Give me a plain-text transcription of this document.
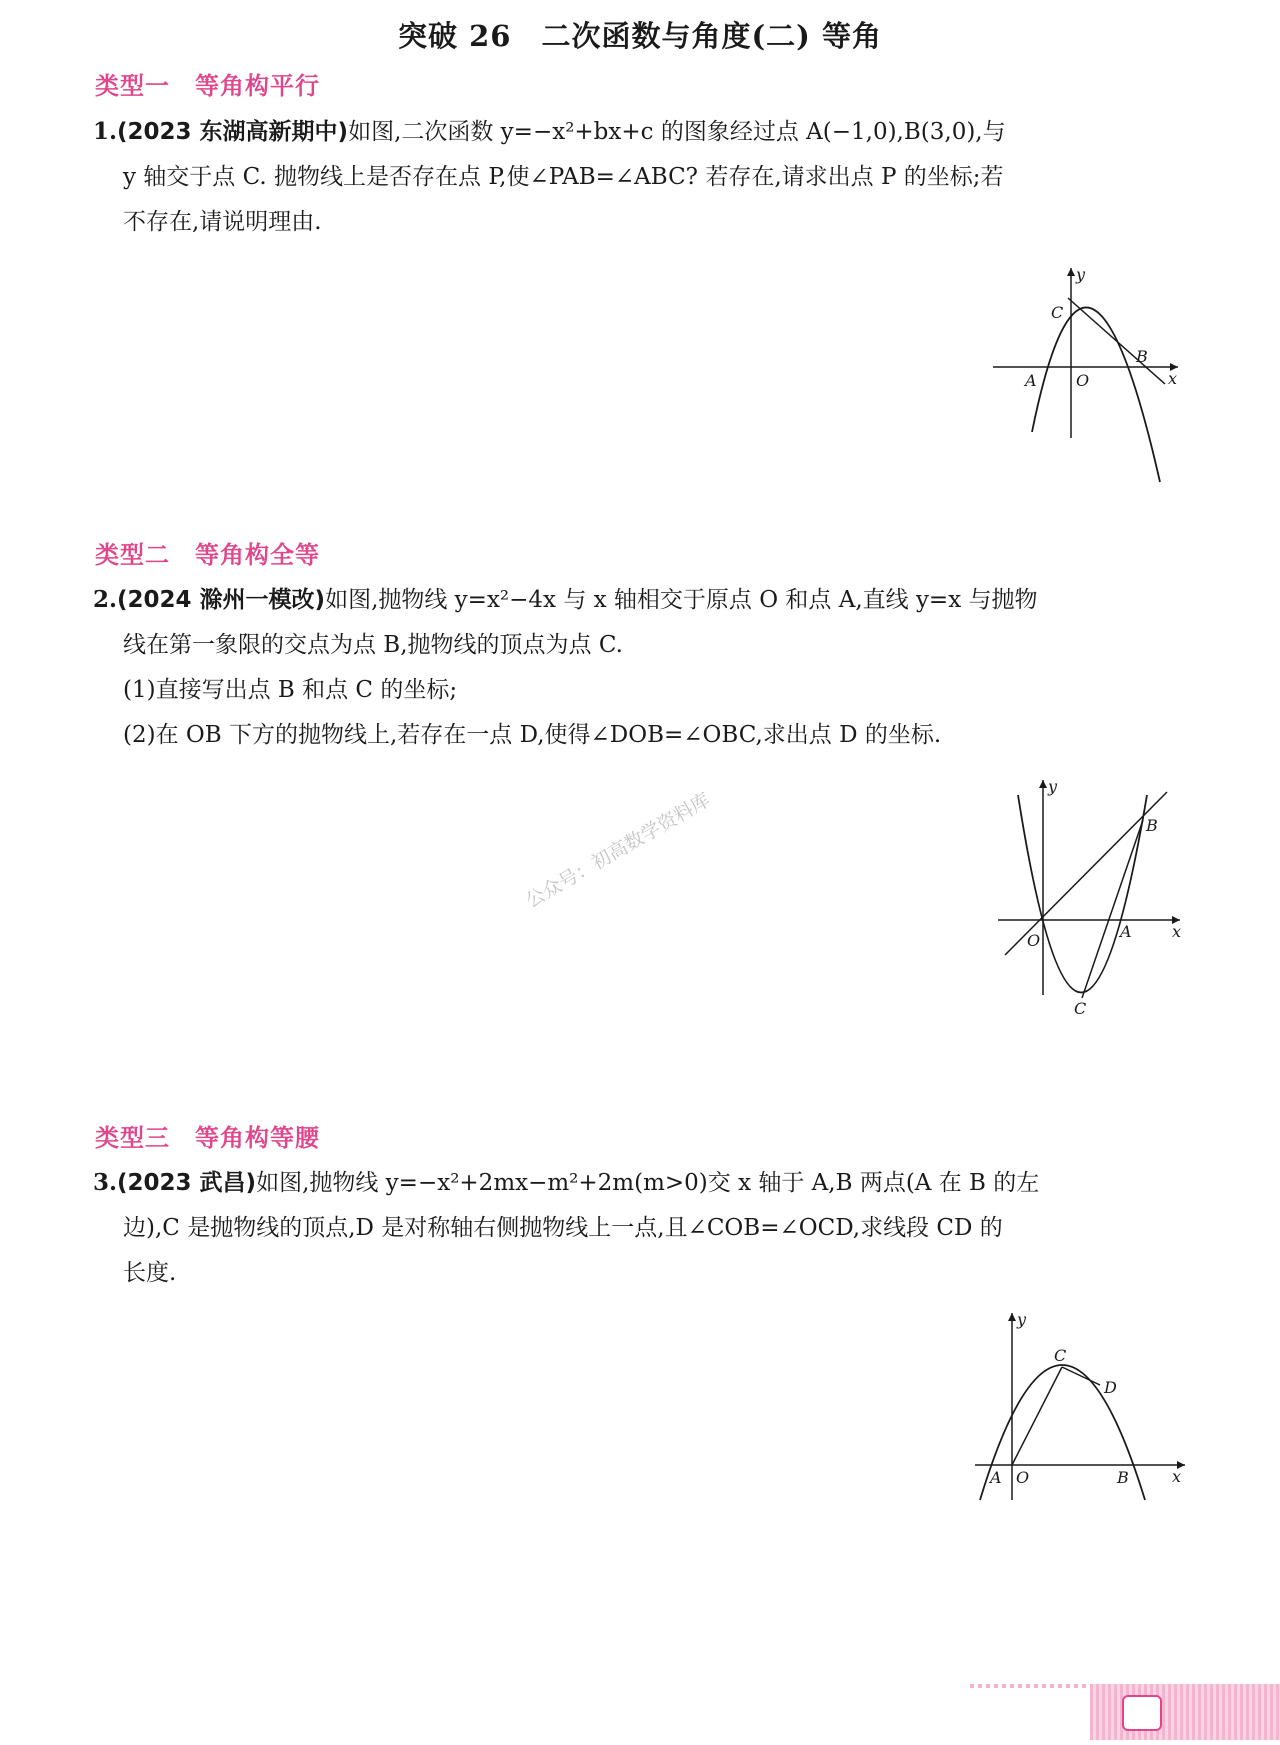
突破 26　二次函数与角度(二) 等角
类型一　等角构平行

1.(2023 东湖高新期中)如图,二次函数 y=−x²+bx+c 的图象经过点 A(−1,0),B(3,0),与

y 轴交于点 C. 抛物线上是否存在点 P,使∠PAB=∠ABC? 若存在,请求出点 P 的坐标;若

不存在,请说明理由.

y
x
C
B
A O
类型二　等角构全等

2.(2024 滁州一模改)如图,抛物线 y=x²−4x 与 x 轴相交于原点 O 和点 A,直线 y=x 与抛物

线在第一象限的交点为点 B,抛物线的顶点为点 C.

(1)直接写出点 B 和点 C 的坐标;

(2)在 OB 下方的抛物线上,若存在一点 D,使得∠DOB=∠OBC,求出点 D 的坐标.

公众号：初高数学资料库
y
x
B
A
O
C
类型三　等角构等腰

3.(2023 武昌)如图,抛物线 y=−x²+2mx−m²+2m(m>0)交 x 轴于 A,B 两点(A 在 B 的左

边),C 是抛物线的顶点,D 是对称轴右侧抛物线上一点,且∠COB=∠OCD,求线段 CD 的

长度.

y
x
C
D
A O	B
